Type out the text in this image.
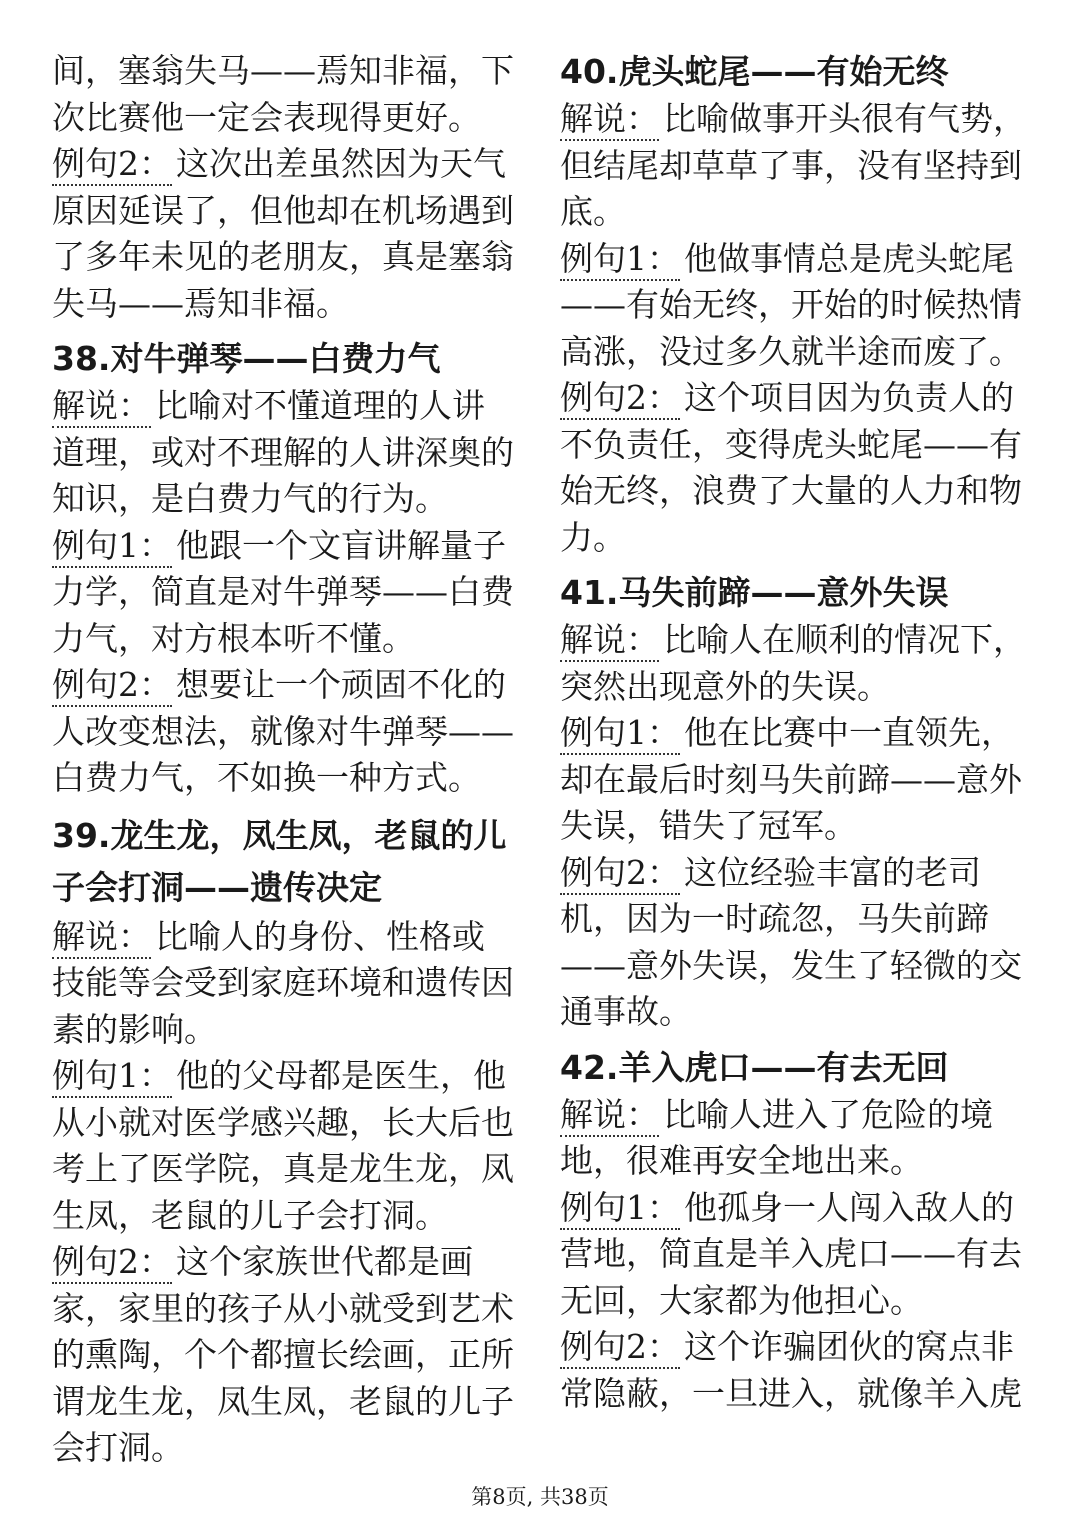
间，塞翁失马——焉知非福，下次比赛他一定会表现得更好。

例句2： 这次出差虽然因为天气原因延误了，但他却在机场遇到了多年未见的老朋友，真是塞翁失马——焉知非福。

38.对牛弹琴——白费力气

解说： 比喻对不懂道理的人讲道理，或对不理解的人讲深奥的知识，是白费力气的行为。

例句1： 他跟一个文盲讲解量子力学，简直是对牛弹琴——白费力气，对方根本听不懂。

例句2： 想要让一个顽固不化的人改变想法，就像对牛弹琴——白费力气，不如换一种方式。

39.龙生龙，凤生凤，老鼠的儿子会打洞——遗传决定

解说： 比喻人的身份、性格或技能等会受到家庭环境和遗传因素的影响。

例句1： 他的父母都是医生，他从小就对医学感兴趣，长大后也考上了医学院，真是龙生龙，凤生凤，老鼠的儿子会打洞。

例句2： 这个家族世代都是画家，家里的孩子从小就受到艺术的熏陶，个个都擅长绘画，正所谓龙生龙，凤生凤，老鼠的儿子会打洞。

40.虎头蛇尾——有始无终

解说： 比喻做事开头很有气势，但结尾却草草了事，没有坚持到底。

例句1： 他做事情总是虎头蛇尾——有始无终，开始的时候热情高涨，没过多久就半途而废了。

例句2： 这个项目因为负责人的不负责任，变得虎头蛇尾——有始无终，浪费了大量的人力和物力。

41.马失前蹄——意外失误

解说： 比喻人在顺利的情况下，突然出现意外的失误。

例句1： 他在比赛中一直领先，却在最后时刻马失前蹄——意外失误，错失了冠军。

例句2： 这位经验丰富的老司机，因为一时疏忽，马失前蹄——意外失误，发生了轻微的交通事故。

42.羊入虎口——有去无回

解说： 比喻人进入了危险的境地，很难再安全地出来。

例句1： 他孤身一人闯入敌人的营地，简直是羊入虎口——有去无回，大家都为他担心。

例句2： 这个诈骗团伙的窝点非常隐蔽，一旦进入，就像羊入虎

第8页, 共38页
